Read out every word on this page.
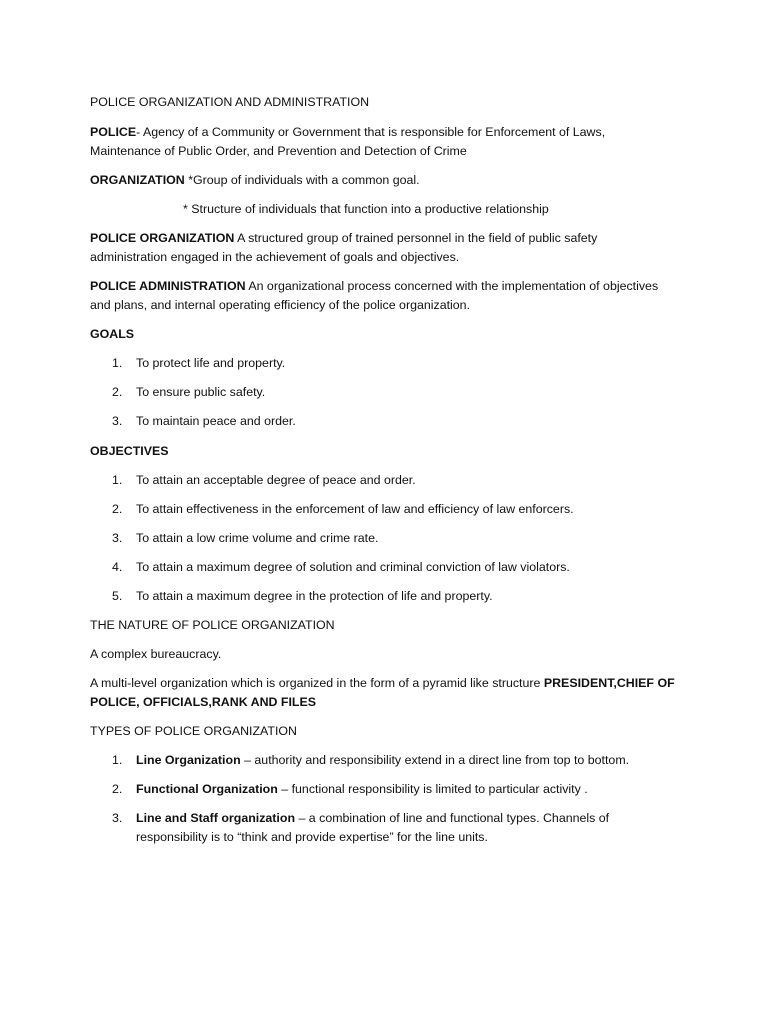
POLICE ORGANIZATION AND ADMINISTRATION
POLICE- Agency of a Community or Government that is responsible for Enforcement of Laws,
Maintenance of Public Order, and Prevention and Detection of Crime
ORGANIZATION *Group of individuals with a common goal.
* Structure of individuals that function into a productive relationship
POLICE ORGANIZATION A structured group of trained personnel in the field of public safety
administration engaged in the achievement of goals and objectives.
POLICE ADMINISTRATION An organizational process concerned with the implementation of objectives
and plans, and internal operating efficiency of the police organization.
GOALS
1.	To protect life and property.
2.	To ensure public safety.
3.	To maintain peace and order.
OBJECTIVES
1.	To attain an acceptable degree of peace and order.
2.	To attain effectiveness in the enforcement of law and efficiency of law enforcers.
3.	To attain a low crime volume and crime rate.
4.	To attain a maximum degree of solution and criminal conviction of law violators.
5.	To attain a maximum degree in the protection of life and property.
THE NATURE OF POLICE ORGANIZATION
A complex bureaucracy.
A multi-level organization which is organized in the form of a pyramid like structure PRESIDENT,CHIEF OF
POLICE, OFFICIALS,RANK AND FILES
TYPES OF POLICE ORGANIZATION
1.	Line Organization – authority and responsibility extend in a direct line from top to bottom.
2.	Functional Organization – functional responsibility is limited to particular activity .
3.	Line and Staff organization – a combination of line and functional types. Channels of
responsibility is to “think and provide expertise” for the line units.
